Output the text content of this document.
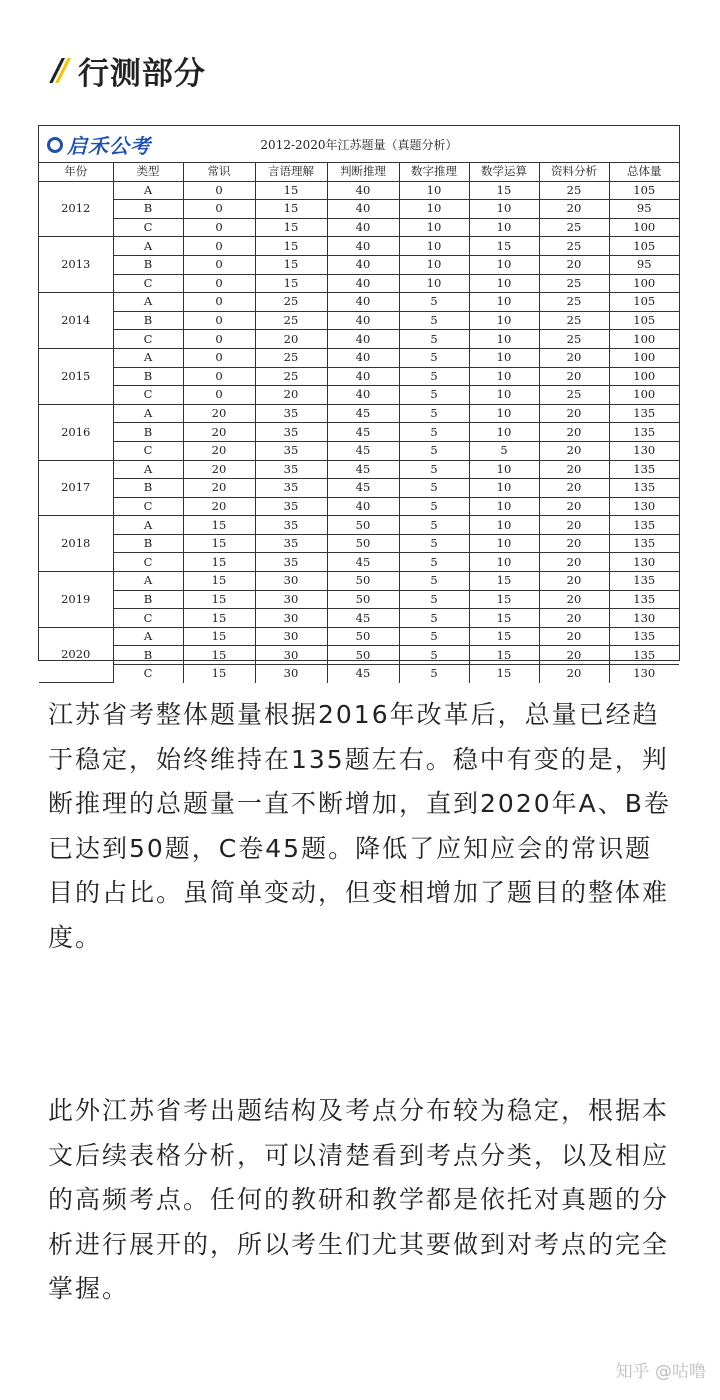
// 行测部分
启禾公考	2012-2020年江苏题量（真题分析）
年份	类型	常识	言语理解	判断推理	数字推理	数学运算	资料分析	总体量
2012	A	0	15	40	10	15	25	105
	B	0	15	40	10	10	20	95
	C	0	15	40	10	10	25	100
2013	A	0	15	40	10	15	25	105
	B	0	15	40	10	10	20	95
	C	0	15	40	10	10	25	100
2014	A	0	25	40	5	10	25	105
	B	0	25	40	5	10	25	105
	C	0	20	40	5	10	25	100
2015	A	0	25	40	5	10	20	100
	B	0	25	40	5	10	20	100
	C	0	20	40	5	10	25	100
2016	A	20	35	45	5	10	20	135
	B	20	35	45	5	10	20	135
	C	20	35	45	5	5	20	130
2017	A	20	35	45	5	10	20	135
	B	20	35	45	5	10	20	135
	C	20	35	40	5	10	20	130
2018	A	15	35	50	5	10	20	135
	B	15	35	50	5	10	20	135
	C	15	35	45	5	10	20	130
2019	A	15	30	50	5	15	20	135
	B	15	30	50	5	15	20	135
	C	15	30	45	5	15	20	130
2020	A	15	30	50	5	15	20	135
	B	15	30	50	5	15	20	135
	C	15	30	45	5	15	20	130

江苏省考整体题量根据2016年改革后，总量已经趋于稳定，始终维持在135题左右。稳中有变的是，判断推理的总题量一直不断增加，直到2020年A、B卷已达到50题，C卷45题。降低了应知应会的常识题目的占比。虽简单变动，但变相增加了题目的整体难度。

此外江苏省考出题结构及考点分布较为稳定，根据本文后续表格分析，可以清楚看到考点分类，以及相应的高频考点。任何的教研和教学都是依托对真题的分析进行展开的，所以考生们尤其要做到对考点的完全掌握。

知乎 @咕噜
